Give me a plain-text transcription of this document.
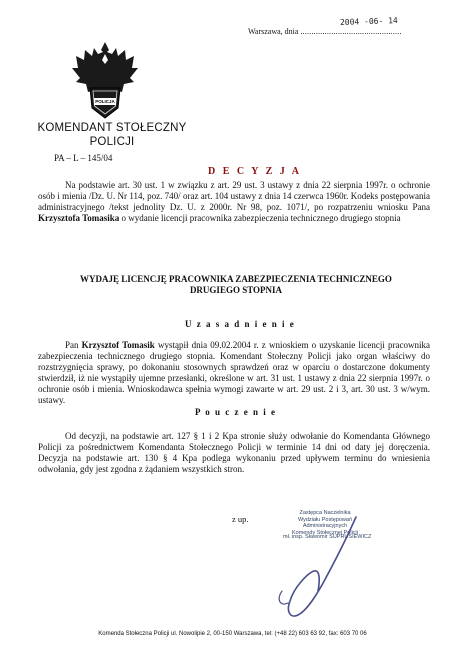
Warszawa, dnia ..............................................
2004 -06- 14
POLICJA
KOMENDANT STOŁECZNY
POLICJI
PA – L – 145/04
D E C Y Z J A
Na podstawie art. 30 ust. 1 w związku z art. 29 ust. 3 ustawy z dnia 22 sierpnia 1997r. o ochronie osób i mienia /Dz. U. Nr 114, poz. 740/ oraz art. 104 ustawy z dnia 14 czerwca 1960r. Kodeks postępowania administracyjnego /tekst jednolity Dz. U. z 2000r. Nr 98, poz. 1071/, po rozpatrzeniu wniosku Pana Krzysztofa Tomasika o wydanie licencji pracownika zabezpieczenia technicznego drugiego stopnia
WYDAJĘ LICENCJĘ PRACOWNIKA ZABEZPIECZENIA TECHNICZNEGO
DRUGIEGO STOPNIA
U z a s a d n i e n i e
Pan Krzysztof Tomasik wystąpił dnia 09.02.2004 r. z wnioskiem o uzyskanie licencji pracownika zabezpieczenia technicznego drugiego stopnia. Komendant Stołeczny Policji jako organ właściwy do rozstrzygnięcia sprawy, po dokonaniu stosownych sprawdzeń oraz w oparciu o dostarczone dokumenty stwierdził, iż nie wystąpiły ujemne przesłanki, określone w art. 31 ust. 1 ustawy z dnia 22 sierpnia 1997r. o ochronie osób i mienia. Wnioskodawca spełnia wymogi zawarte w art. 29 ust. 2 i 3, art. 30 ust. 3 w/wym. ustawy.
P o u c z e n i e
Od decyzji, na podstawie art. 127 § 1 i 2 Kpa stronie służy odwołanie do Komendanta Głównego Policji za pośrednictwem Komendanta Stołecznego Policji w terminie 14 dni od daty jej doręczenia. Decyzja na podstawie art. 130 § 4 Kpa podlega wykonaniu przed upływem terminu do wniesienia odwołania, gdy jest zgodna z żądaniem wszystkich stron.
z up.
Zastępca Naczelnika
Wydziału Postępowań Administracyjnych
Komendy Stołecznej Policji
mł. insp. Sławomir SUPRUSIEWICZ
Komenda Stołeczna Policji ul. Nowolipie 2, 00-150 Warszawa, tel: (+48 22) 603 63 92, fax: 603 70 06
